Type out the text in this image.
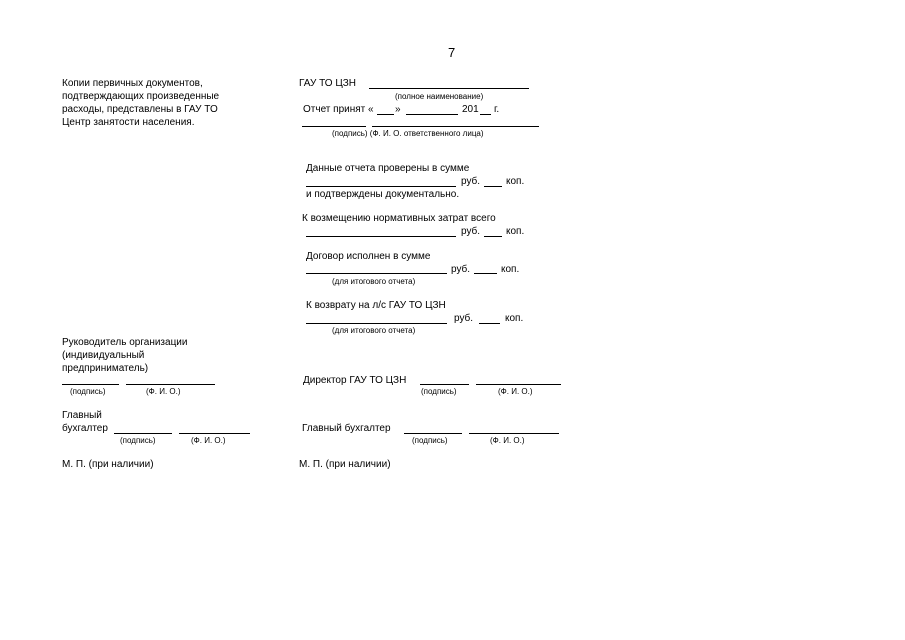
7
Копии первичных документов,
подтверждающих произведенные
расходы, представлены в ГАУ ТО
Центр занятости населения.
Руководитель организации
(индивидуальный
предприниматель)
(подпись)	(Ф. И. О.)
Главный
бухгалтер
(подпись)	(Ф. И. О.)
М. П. (при наличии)
ГАУ ТО ЦЗН
(полное наименование)
Отчет принят « »	201 г.
(подпись) (Ф. И. О. ответственного лица)
Данные отчета проверены в сумме
руб.	коп.
и подтверждены документально.
К возмещению нормативных затрат всего
руб.	коп.
Договор исполнен в сумме
руб.	коп.
(для итогового отчета)
К возврату на л/с ГАУ ТО ЦЗН
руб.	коп.
(для итогового отчета)
Директор ГАУ ТО ЦЗН
(подпись)	(Ф. И. О.)
Главный бухгалтер
(подпись)	(Ф. И. О.)
М. П. (при наличии)
